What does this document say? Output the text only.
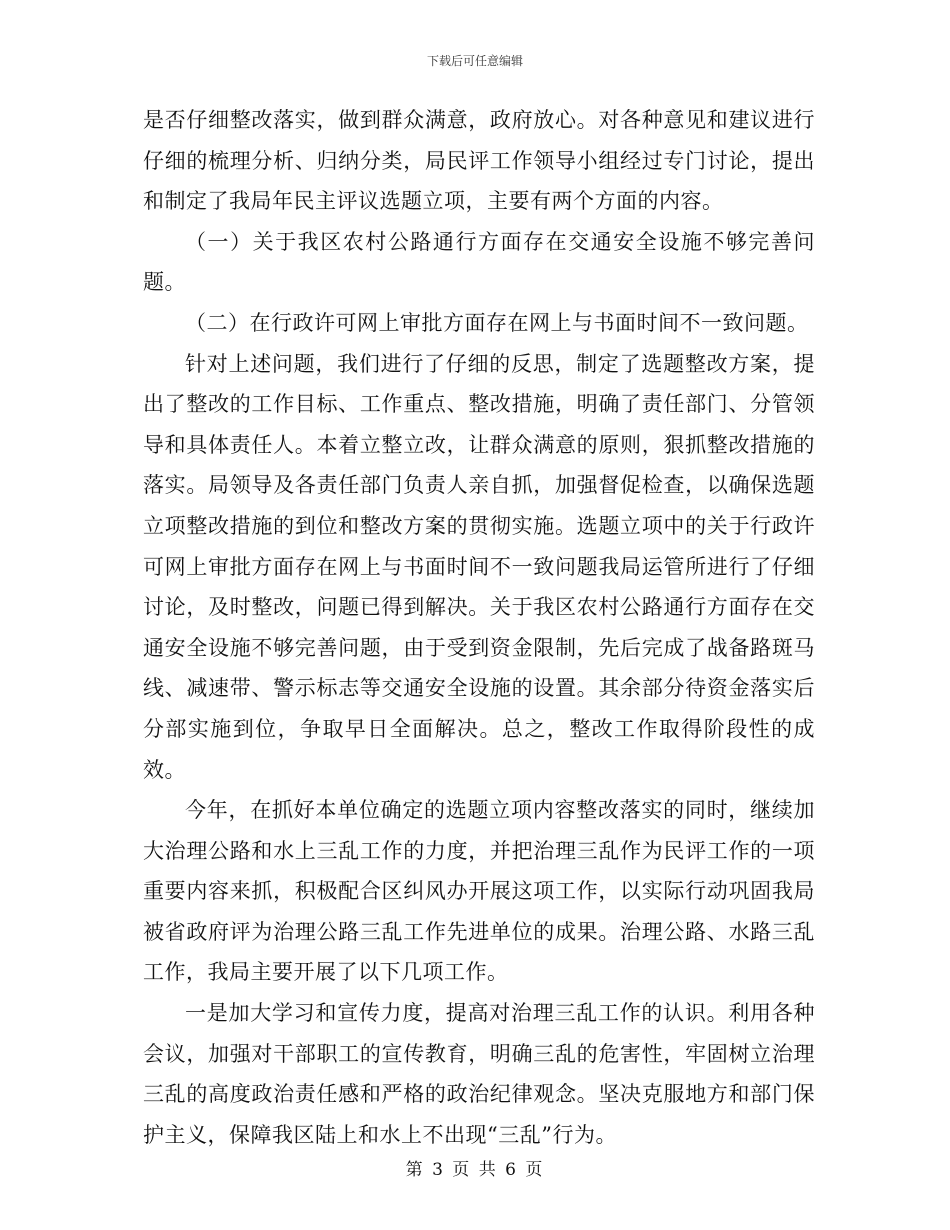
下载后可任意编辑

是否仔细整改落实，做到群众满意，政府放心。对各种意见和建议进行仔细的梳理分析、归纳分类，局民评工作领导小组经过专门讨论，提出和制定了我局年民主评议选题立项，主要有两个方面的内容。

（一）关于我区农村公路通行方面存在交通安全设施不够完善问题。

（二）在行政许可网上审批方面存在网上与书面时间不一致问题。

针对上述问题，我们进行了仔细的反思，制定了选题整改方案，提出了整改的工作目标、工作重点、整改措施，明确了责任部门、分管领导和具体责任人。本着立整立改，让群众满意的原则，狠抓整改措施的落实。局领导及各责任部门负责人亲自抓，加强督促检查，以确保选题立项整改措施的到位和整改方案的贯彻实施。选题立项中的关于行政许可网上审批方面存在网上与书面时间不一致问题我局运管所进行了仔细讨论，及时整改，问题已得到解决。关于我区农村公路通行方面存在交通安全设施不够完善问题，由于受到资金限制，先后完成了战备路斑马线、减速带、警示标志等交通安全设施的设置。其余部分待资金落实后分部实施到位，争取早日全面解决。总之，整改工作取得阶段性的成效。

今年，在抓好本单位确定的选题立项内容整改落实的同时，继续加大治理公路和水上三乱工作的力度，并把治理三乱作为民评工作的一项重要内容来抓，积极配合区纠风办开展这项工作，以实际行动巩固我局被省政府评为治理公路三乱工作先进单位的成果。治理公路、水路三乱工作，我局主要开展了以下几项工作。

一是加大学习和宣传力度，提高对治理三乱工作的认识。利用各种会议，加强对干部职工的宣传教育，明确三乱的危害性，牢固树立治理三乱的高度政治责任感和严格的政治纪律观念。坚决克服地方和部门保护主义，保障我区陆上和水上不出现“三乱”行为。

第 3 页 共 6 页
